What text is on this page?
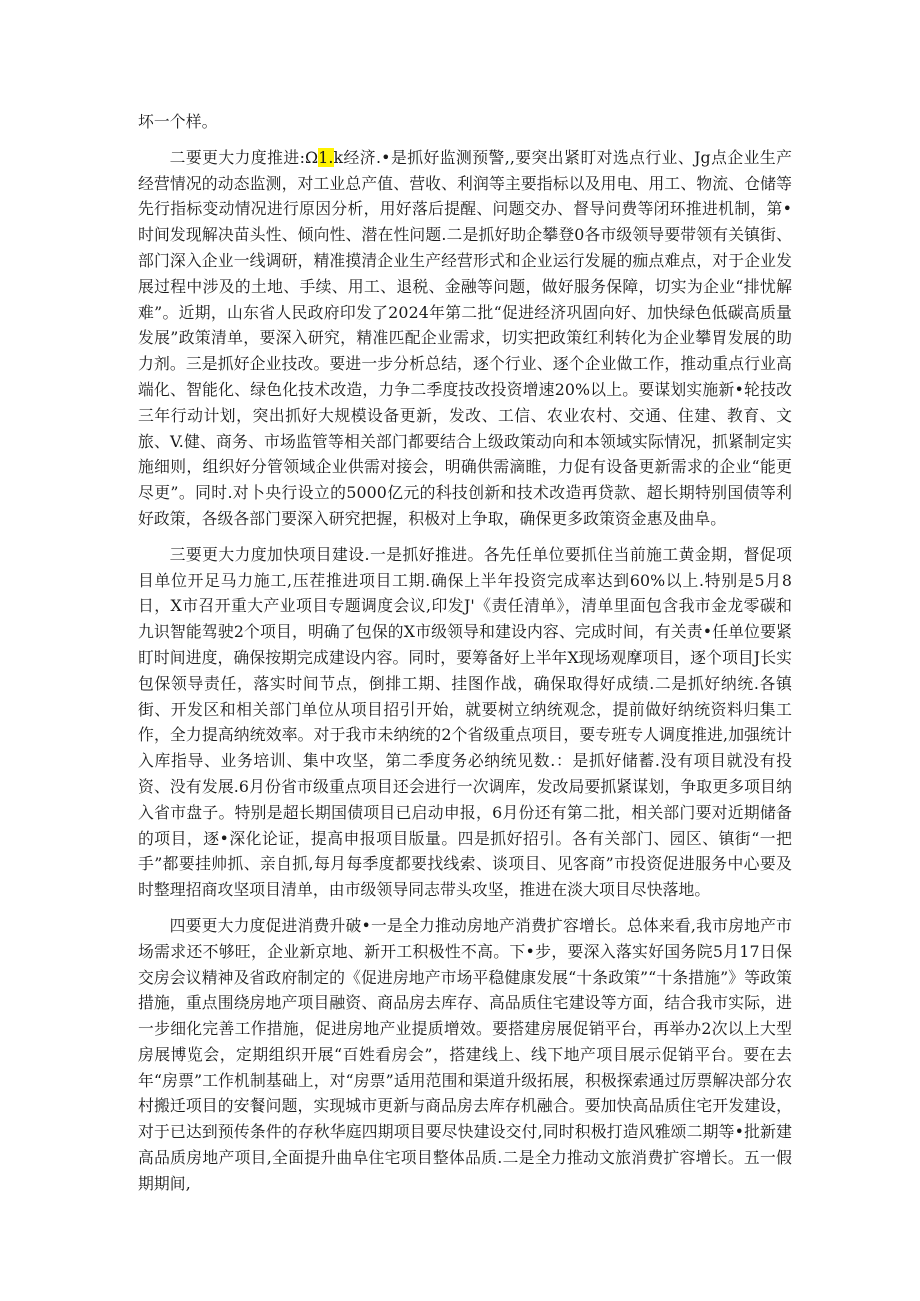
坏一个样。

二要更大力度推进:Ω1.k经济.•是抓好监测预警,,要突出紧盯对选点行业、Jg点企业生产经营情况的动态监测，对工业总产值、营收、利润等主要指标以及用电、用工、物流、仓储等先行指标变动情况进行原因分析，用好落后提醒、问题交办、督导问费等闭环推进机制，第•时间发现解决苗头性、倾向性、潜在性问题.二是抓好助企攀登0各市级领导要带领有关镇街、部门深入企业一线调研，精准摸清企业生产经营形式和企业运行发屣的痂点难点，对于企业发展过程中涉及的土地、手续、用工、退税、金融等问题，做好服务保障，切实为企业“排忧解难”。近期，山东省人民政府印发了2024年第二批“促进经济巩固向好、加快绿色低碳高质量发展”政策清单，要深入研究，精准匹配企业需求，切实把政策红利转化为企业攀胃发展的助力剂。三是抓好企业技改。要进一步分析总结，逐个行业、逐个企业做工作，推动重点行业高端化、智能化、绿色化技术改造，力争二季度技改投资增速20%以上。要谋划实施新•轮技改三年行动计划，突出抓好大规模设备更新，发改、工信、农业农村、交通、住建、教育、文旅、V.健、商务、市场监管等相关部门都要结合上级政策动向和本领域实际情况，抓紧制定实施细则，组织好分管领域企业供需对接会，明确供需滴睢，力促有设备更新需求的企业“能更尽更”。同时.对卜央行设立的5000亿元的科技创新和技术改造再贷款、超长期特别国债等利好政策，各级各部门要深入研究把握，积极对上争取，确保更多政策资金惠及曲阜。

三要更大力度加快项目建设.一是抓好推进。各先任单位要抓住当前施工黄金期，督促项目单位开足马力施工,压茬推进项目工期.确保上半年投资完成率达到60%以上.特别是5月8日，X市召开重大产业项目专题调度会议,印发J'《责任清单》，清单里面包含我市金龙零碳和九识智能驾驶2个项目，明确了包保的X市级领导和建设内容、完成时间，有关责•任单位要紧盯时间进度，确保按期完成建设内容。同时，要筹备好上半年X现场观摩项目，逐个项目J长实包保领导责任，落实时间节点，倒排工期、挂图作战，确保取得好成绩.二是抓好纳统.各镇街、开发区和相关部门单位从项目招引开始，就要树立纳统观念，提前做好纳统资料归集工作，全力提高纳统效率。对于我市未纳统的2个省级重点项目，要专班专人调度推进,加强统计入库指导、业务培训、集中攻坚，第二季度务必纳统见数.：是抓好储蓄.没有项目就没有投资、没有发展.6月份省市级重点项目还会进行一次调库，发改局要抓紧谋划，争取更多项目纳入省市盘子。特别是超长期国债项目已启动申报，6月份还有第二批，相关部门要对近期储备的项目，逐•深化论证，提高申报项目版量。四是抓好招引。各有关部门、园区、镇街“一把手”都要挂帅抓、亲自抓,每月每季度都要找线索、谈项目、见客商”市投资促进服务中心要及时整理招商攻坚项目清单，由市级领导同志带头攻坚，推进在淡大项目尽快落地。

四要更大力度促进消费升破•一是全力推动房地产消费扩容增长。总体来看,我市房地产市场需求还不够旺，企业新京地、新开工积极性不高。下•步，要深入落实好国务院5月17日保交房会议精神及省政府制定的《促进房地产市场平稳健康发展“十条政策”“十条措施”》等政策措施，重点围绕房地产项目融资、商品房去库存、高品质住宅建设等方面，结合我市实际，进一步细化完善工作措施，促进房地产业提质增效。要搭建房展促销平台，再举办2次以上大型房展博览会，定期组织开展“百姓看房会”，搭建线上、线下地产项目展示促销平台。要在去年“房票”工作机制基础上，对“房票”适用范围和渠道升级拓展，积极探索通过厉票解决部分农村搬迁项目的安餐问题，实现城市更新与商品房去库存机融合。要加快高品质住宅开发建设，对于已达到预传条件的存秋华庭四期项目要尽快建设交付,同时积极打造风雅颂二期等•批新建高品质房地产项目,全面提升曲阜住宅项目整体品质.二是全力推动文旅消费扩容增长。五一假期期间,
